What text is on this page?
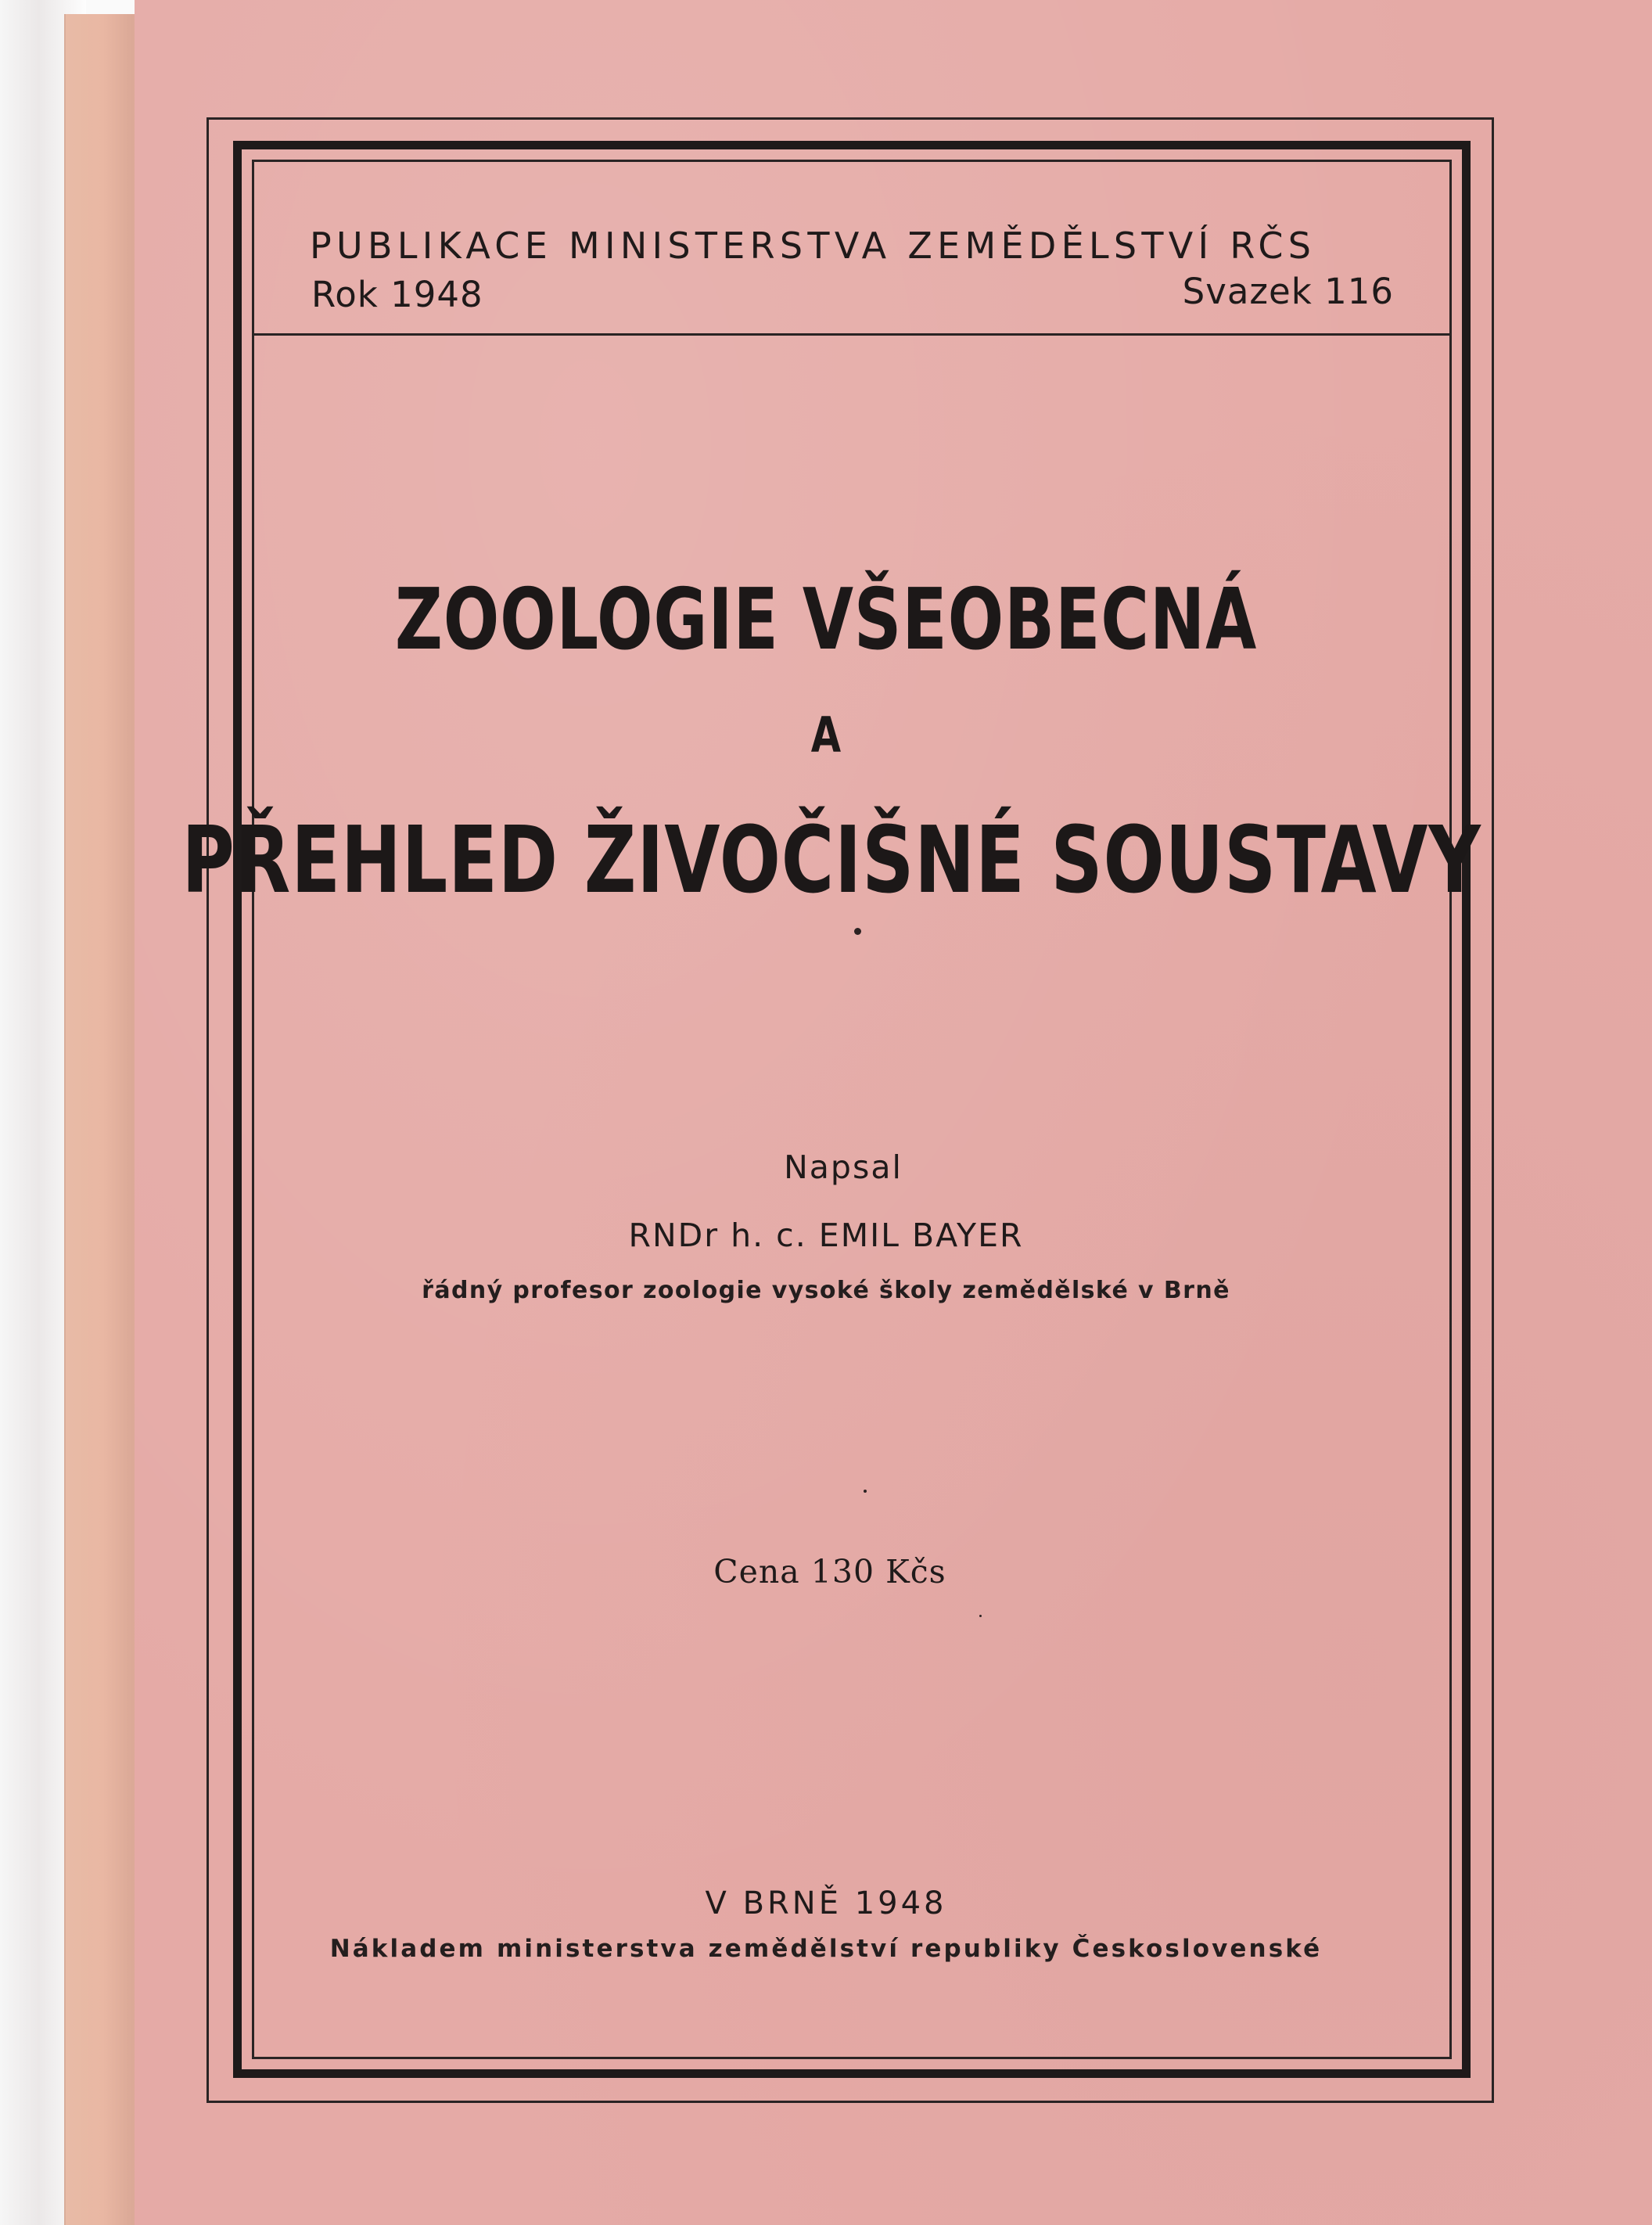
PUBLIKACE MINISTERSTVA ZEMĚDĚLSTVÍ RČS
Rok 1948	Svazek 116
ZOOLOGIE VŠEOBECNÁ
A
PŘEHLED ŽIVOČIŠNÉ SOUSTAVY
Napsal
RNDr h. c. EMIL BAYER
řádný profesor zoologie vysoké školy zemědělské v Brně
Cena 130 Kčs
V BRNĚ 1948
Nákladem ministerstva zemědělství republiky Československé
